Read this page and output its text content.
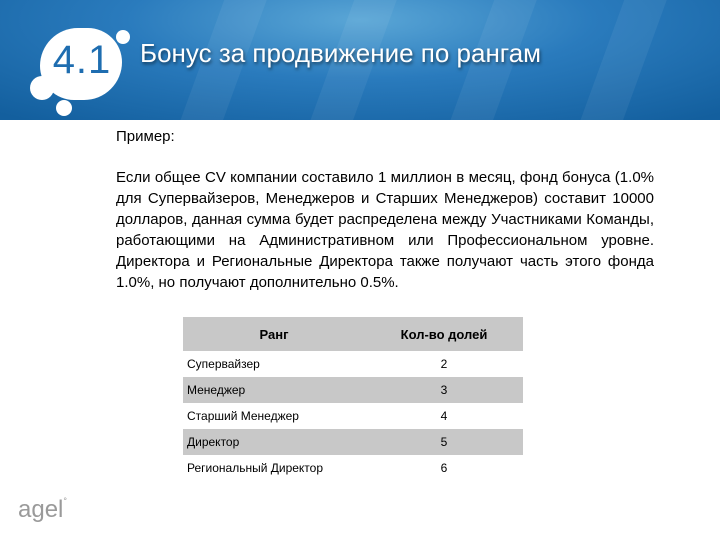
4.1	Бонус за продвижение по рангам

Пример:

Если общее CV компании составило 1 миллион в месяц, фонд бонуса (1.0% для Супервайзеров, Менеджеров и Старших Менеджеров) составит 10000 долларов, данная сумма будет распределена между Участниками Команды, работающими на Административном или Профессиональном уровне. Директора и Региональные Директора также получают часть этого фонда 1.0%, но получают дополнительно 0.5%.

Ранг	Кол-во долей
Супервайзер	2
Менеджер	3
Старший Менеджер	4
Директор	5
Региональный Директор	6
agel°
